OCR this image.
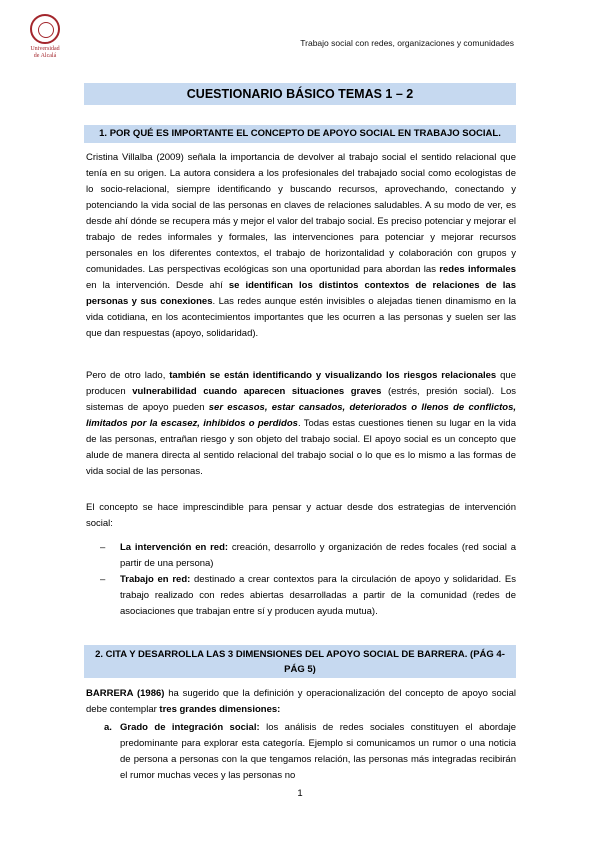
Universidad
de Alcalá
Trabajo social con redes, organizaciones y comunidades
CUESTIONARIO BÁSICO TEMAS 1 – 2
1. POR QUÉ ES IMPORTANTE EL CONCEPTO DE APOYO SOCIAL EN TRABAJO SOCIAL.
Cristina Villalba (2009) señala la importancia de devolver al trabajo social el sentido relacional que tenía en su origen. La autora considera a los profesionales del trabajado social como ecologistas de lo socio-relacional, siempre identificando y buscando recursos, aprovechando, conectando y potenciando la vida social de las personas en claves de relaciones saludables. A su modo de ver, es desde ahí dónde se recupera más y mejor el valor del trabajo social. Es preciso potenciar y mejorar el trabajo de redes informales y formales, las intervenciones para potenciar y mejorar recursos personales en los diferentes contextos, el trabajo de horizontalidad y colaboración con grupos y comunidades. Las perspectivas ecológicas son una oportunidad para abordan las redes informales en la intervención. Desde ahí se identifican los distintos contextos de relaciones de las personas y sus conexiones. Las redes aunque estén invisibles o alejadas tienen dinamismo en la vida cotidiana, en los acontecimientos importantes que les ocurren a las personas y suelen ser las que dan respuestas (apoyo, solidaridad).
Pero de otro lado, también se están identificando y visualizando los riesgos relacionales que producen vulnerabilidad cuando aparecen situaciones graves (estrés, presión social). Los sistemas de apoyo pueden ser escasos, estar cansados, deteriorados o llenos de conflictos, limitados por la escasez, inhibidos o perdidos. Todas estas cuestiones tienen su lugar en la vida de las personas, entrañan riesgo y son objeto del trabajo social. El apoyo social es un concepto que alude de manera directa al sentido relacional del trabajo social o lo que es lo mismo a las formas de vida social de las personas.
El concepto se hace imprescindible para pensar y actuar desde dos estrategias de intervención social:
– La intervención en red: creación, desarrollo y organización de redes focales (red social a partir de una persona)
– Trabajo en red: destinado a crear contextos para la circulación de apoyo y solidaridad. Es trabajo realizado con redes abiertas desarrolladas a partir de la comunidad (redes de asociaciones que trabajan entre sí y producen ayuda mutua).
2. CITA Y DESARROLLA LAS 3 DIMENSIONES DEL APOYO SOCIAL DE BARRERA. (PÁG 4-
PÁG 5)
BARRERA (1986) ha sugerido que la definición y operacionalización del concepto de apoyo social debe contemplar tres grandes dimensiones:
a. Grado de integración social: los análisis de redes sociales constituyen el abordaje predominante para explorar esta categoría. Ejemplo si comunicamos un rumor o una noticia de persona a personas con la que tengamos relación, las personas más integradas recibirán el rumor muchas veces y las personas no
1
